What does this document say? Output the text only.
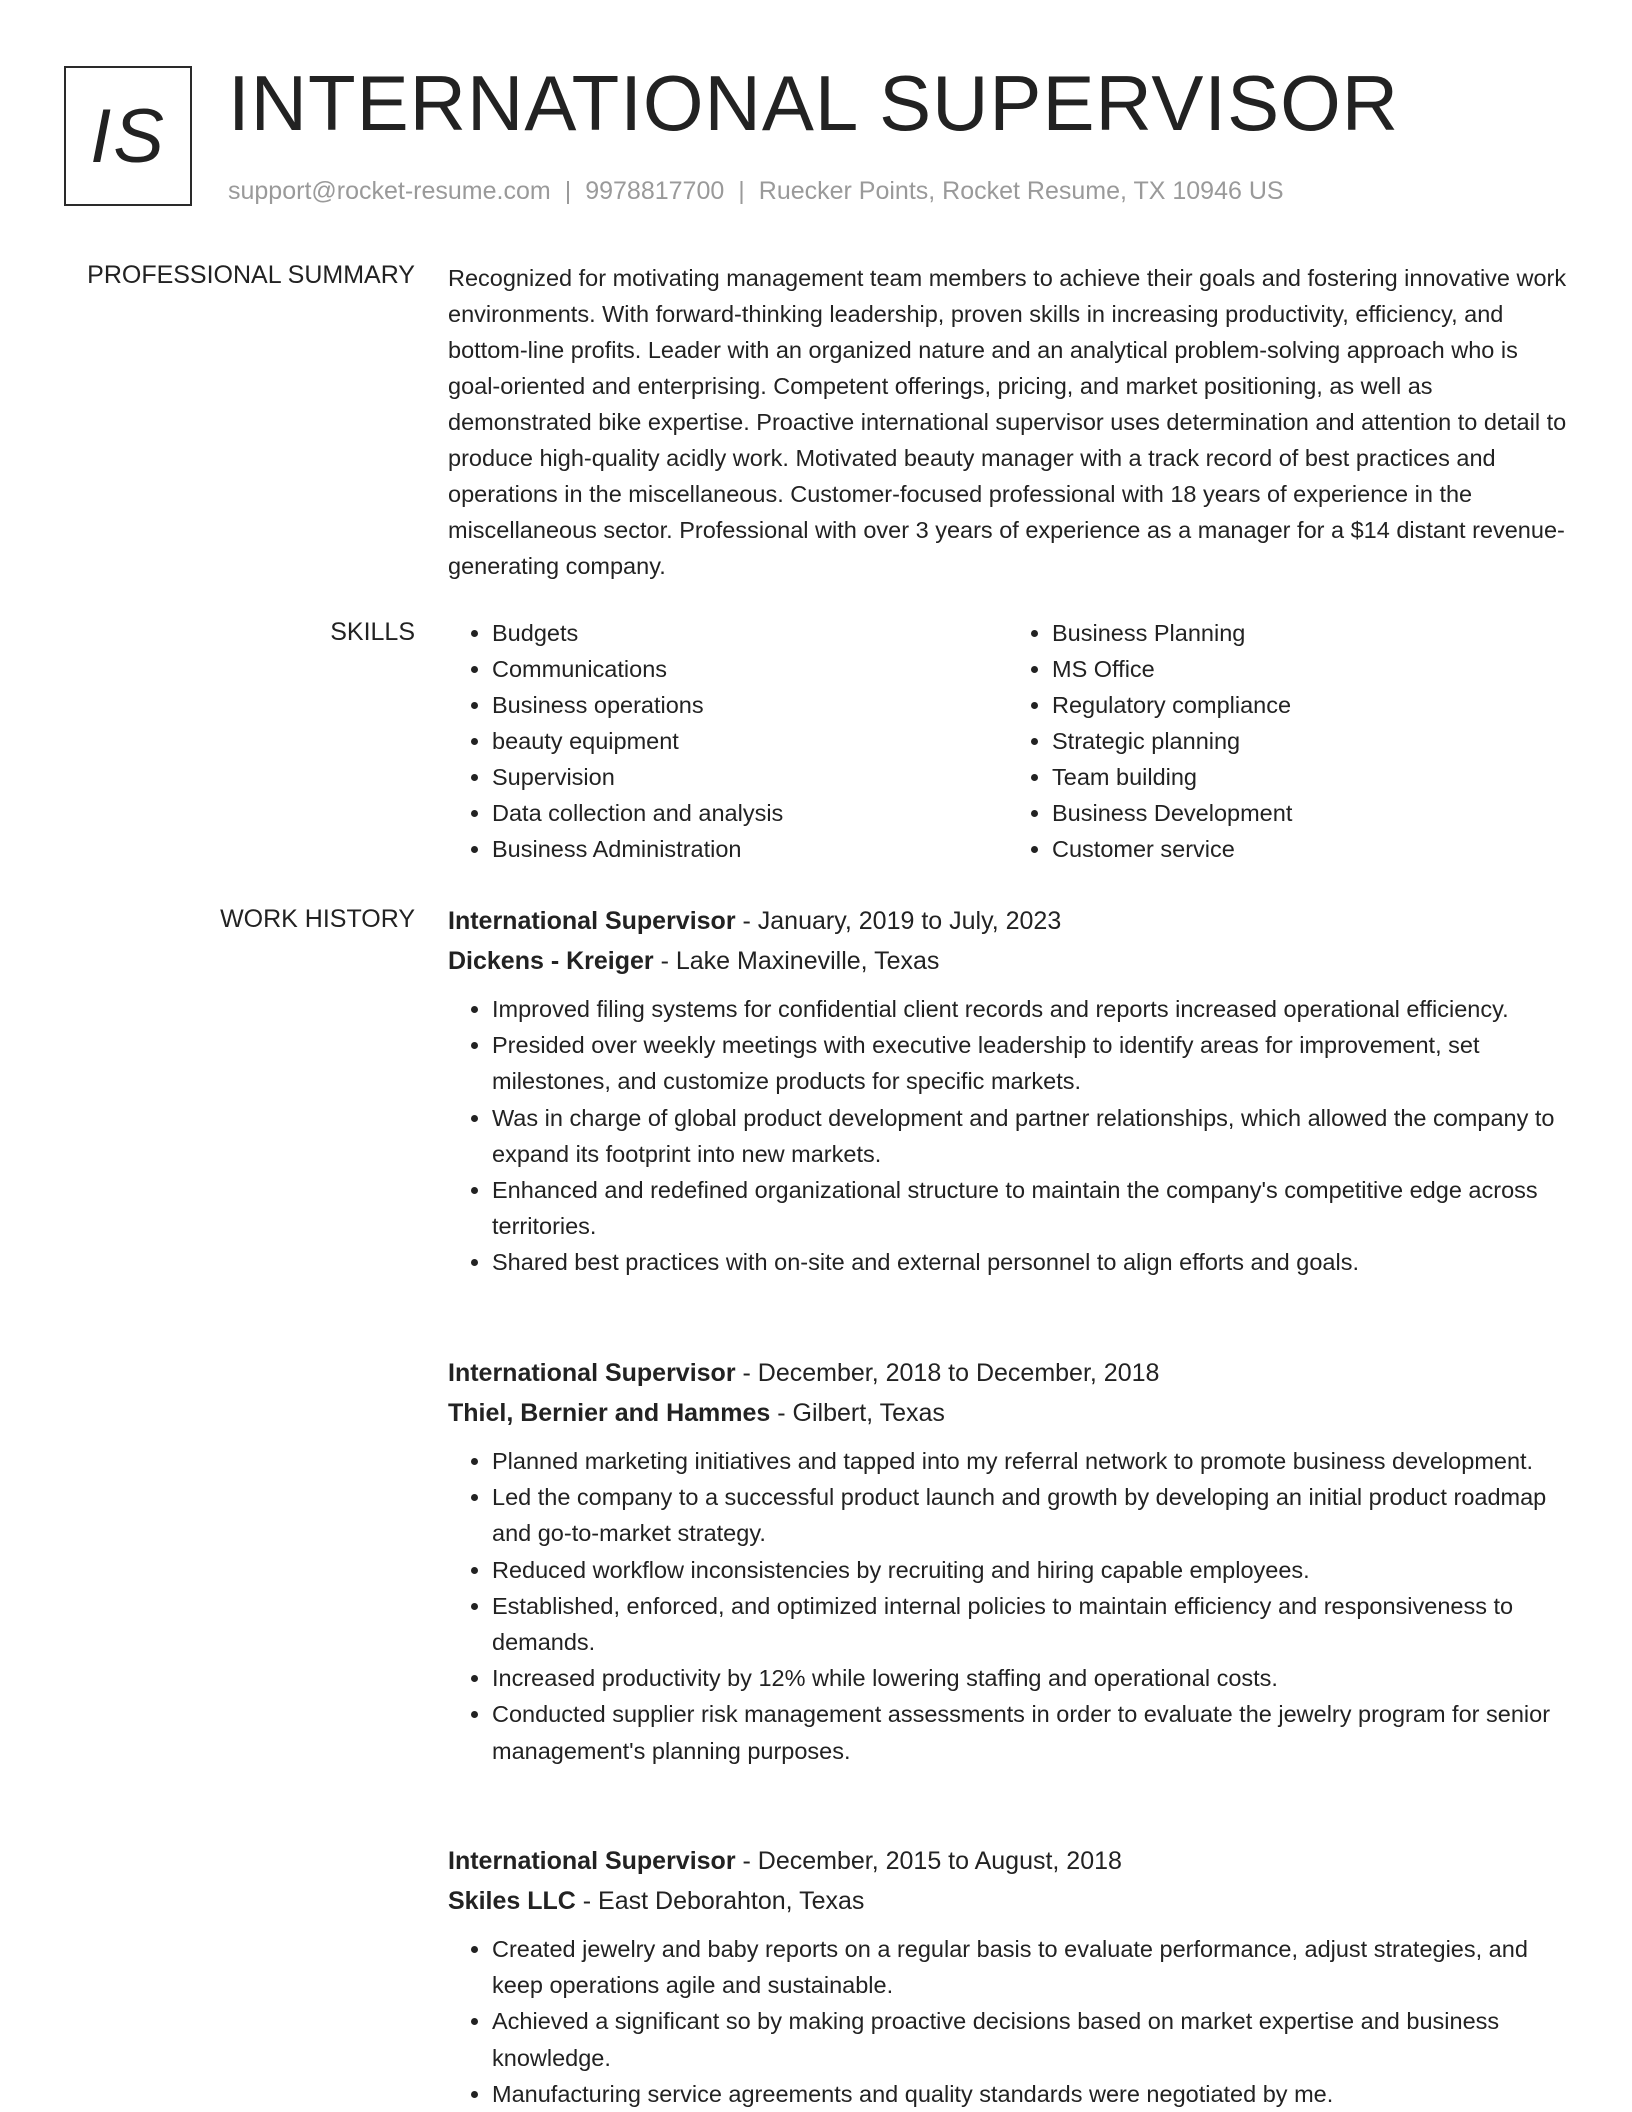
IS INTERNATIONAL SUPERVISOR
support@rocket-resume.com | 9978817700 | Ruecker Points, Rocket Resume, TX 10946 US
PROFESSIONAL SUMMARY Recognized for motivating management team members to achieve their goals and fostering innovative work environments. With forward-thinking leadership, proven skills in increasing productivity, efficiency, and bottom-line profits. Leader with an organized nature and an analytical problem-solving approach who is goal-oriented and enterprising. Competent offerings, pricing, and market positioning, as well as demonstrated bike expertise. Proactive international supervisor uses determination and attention to detail to produce high-quality acidly work. Motivated beauty manager with a track record of best practices and operations in the miscellaneous. Customer-focused professional with 18 years of experience in the miscellaneous sector. Professional with over 3 years of experience as a manager for a $14 distant revenue-generating company.

SKILLS
•	Budgets
• Communications
• Business operations
• beauty equipment
• Supervision
• Data collection and analysis
• Business Administration
• Business Planning
• MS Office
• Regulatory compliance
• Strategic planning
• Team building
• Business Development
• Customer service
WORK HISTORY International Supervisor - January, 2019 to July, 2023
Dickens - Kreiger - Lake Maxineville, Texas
• Improved filing systems for confidential client records and reports increased operational efficiency.
• Presided over weekly meetings with executive leadership to identify areas for improvement, set milestones, and customize products for specific markets.
• Was in charge of global product development and partner relationships, which allowed the company to expand its footprint into new markets.
• Enhanced and redefined organizational structure to maintain the company's competitive edge across territories.
• Shared best practices with on-site and external personnel to align efforts and goals.
International Supervisor - December, 2018 to December, 2018
Thiel, Bernier and Hammes - Gilbert, Texas
• Planned marketing initiatives and tapped into my referral network to promote business development.
• Led the company to a successful product launch and growth by developing an initial product roadmap and go-to-market strategy.
• Reduced workflow inconsistencies by recruiting and hiring capable employees.
• Established, enforced, and optimized internal policies to maintain efficiency and responsiveness to demands.
• Increased productivity by 12% while lowering staffing and operational costs.
• Conducted supplier risk management assessments in order to evaluate the jewelry program for senior management's planning purposes.
International Supervisor - December, 2015 to August, 2018
Skiles LLC - East Deborahton, Texas
• Created jewelry and baby reports on a regular basis to evaluate performance, adjust strategies, and keep operations agile and sustainable.
• Achieved a significant so by making proactive decisions based on market expertise and business knowledge.
• Manufacturing service agreements and quality standards were negotiated by me.
